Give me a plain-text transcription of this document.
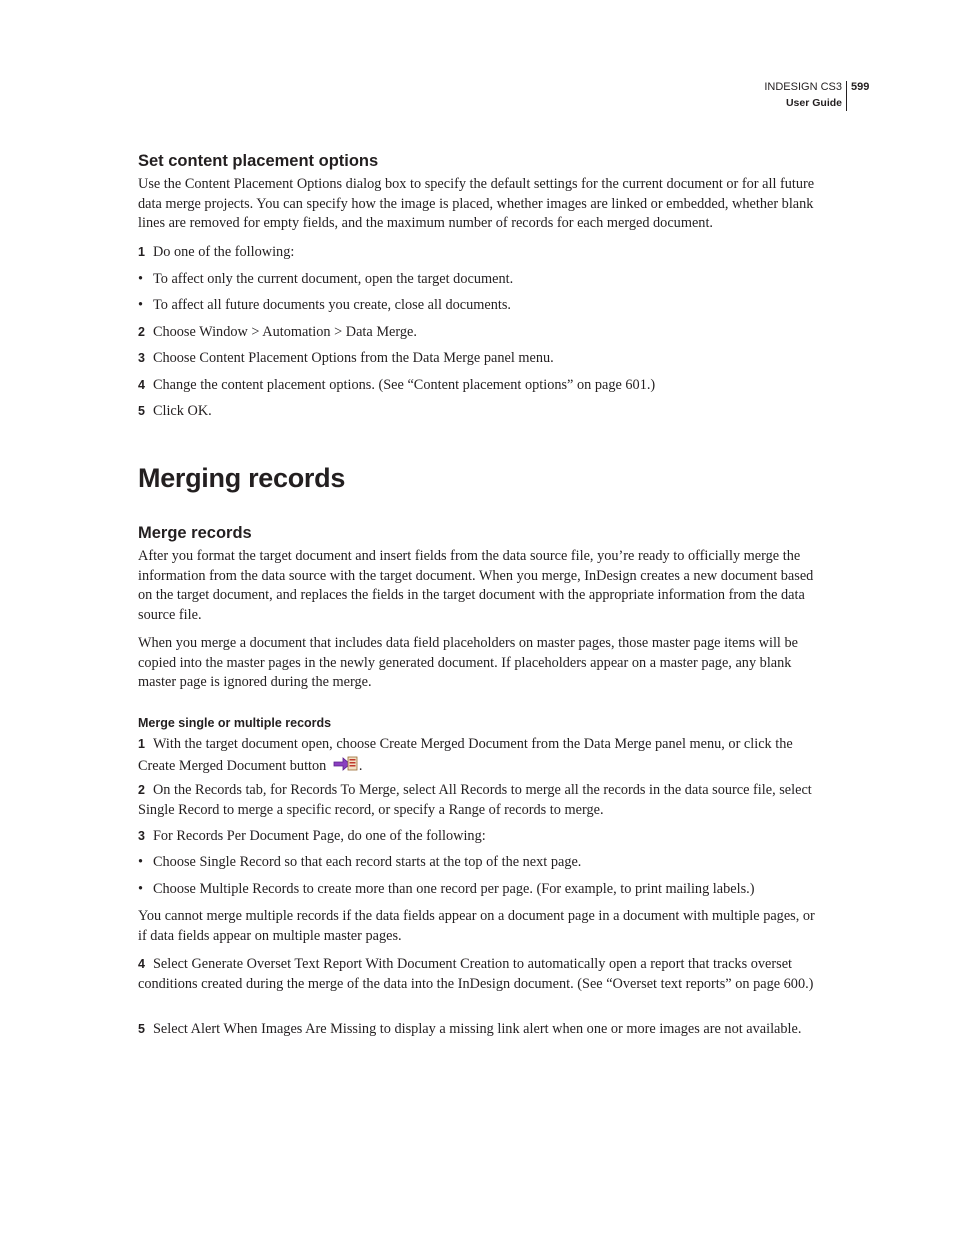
INDESIGN CS3
User Guide
599
Set content placement options

Use the Content Placement Options dialog box to specify the default settings for the current document or for all future data merge projects. You can specify how the image is placed, whether images are linked or embedded, whether blank lines are removed for empty fields, and the maximum number of records for each merged document.

1 Do one of the following:
• To affect only the current document, open the target document.
• To affect all future documents you create, close all documents.
2 Choose Window > Automation > Data Merge.
3 Choose Content Placement Options from the Data Merge panel menu.
4 Change the content placement options. (See “Content placement options” on page 601.)
5 Click OK.
Merging records
Merge records

After you format the target document and insert fields from the data source file, you’re ready to officially merge the information from the data source with the target document. When you merge, InDesign creates a new document based on the target document, and replaces the fields in the target document with the appropriate information from the data source file.

When you merge a document that includes data field placeholders on master pages, those master page items will be copied into the master pages in the newly generated document. If placeholders appear on a master page, any blank master page is ignored during the merge.

Merge single or multiple records
1 With the target document open, choose Create Merged Document from the Data Merge panel menu, or click the Create Merged Document button .
2 On the Records tab, for Records To Merge, select All Records to merge all the records in the data source file, select Single Record to merge a specific record, or specify a Range of records to merge.
3 For Records Per Document Page, do one of the following:
• Choose Single Record so that each record starts at the top of the next page.
• Choose Multiple Records to create more than one record per page. (For example, to print mailing labels.)

You cannot merge multiple records if the data fields appear on a document page in a document with multiple pages, or if data fields appear on multiple master pages.

4 Select Generate Overset Text Report With Document Creation to automatically open a report that tracks overset conditions created during the merge of the data into the InDesign document. (See “Overset text reports” on page 600.)
5 Select Alert When Images Are Missing to display a missing link alert when one or more images are not available.
